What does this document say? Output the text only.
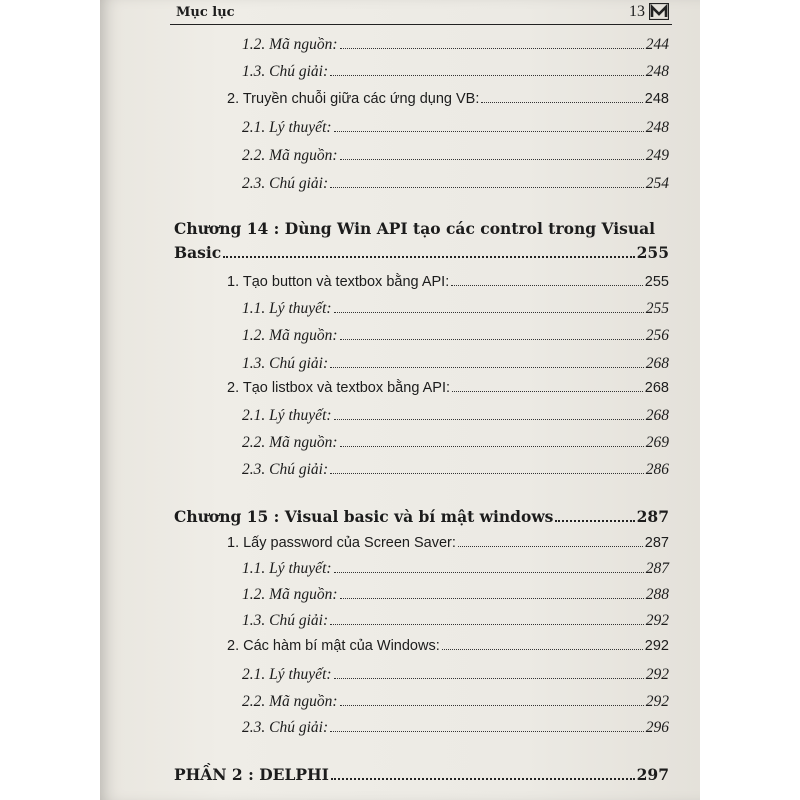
Mục lục	13
1.2. Mã nguồn:	244
1.3. Chú giải:	248
2. Truyền chuỗi giữa các ứng dụng VB:	248
2.1. Lý thuyết:	248
2.2. Mã nguồn:	249
2.3. Chú giải:	254
Chương 14 : Dùng Win API tạo các control trong Visual
Basic	255
1. Tạo button và textbox bằng API:	255
1.1. Lý thuyết:	255
1.2. Mã nguồn:	256
1.3. Chú giải:	268
2. Tạo listbox và textbox bằng API:	268
2.1. Lý thuyết:	268
2.2. Mã nguồn:	269
2.3. Chú giải:	286
Chương 15 : Visual basic và bí mật windows	287
1. Lấy password của Screen Saver:	287
1.1. Lý thuyết:	287
1.2. Mã nguồn:	288
1.3. Chú giải:	292
2. Các hàm bí mật của Windows:	292
2.1. Lý thuyết:	292
2.2. Mã nguồn:	292
2.3. Chú giải:	296
PHẦN 2 : DELPHI	297
